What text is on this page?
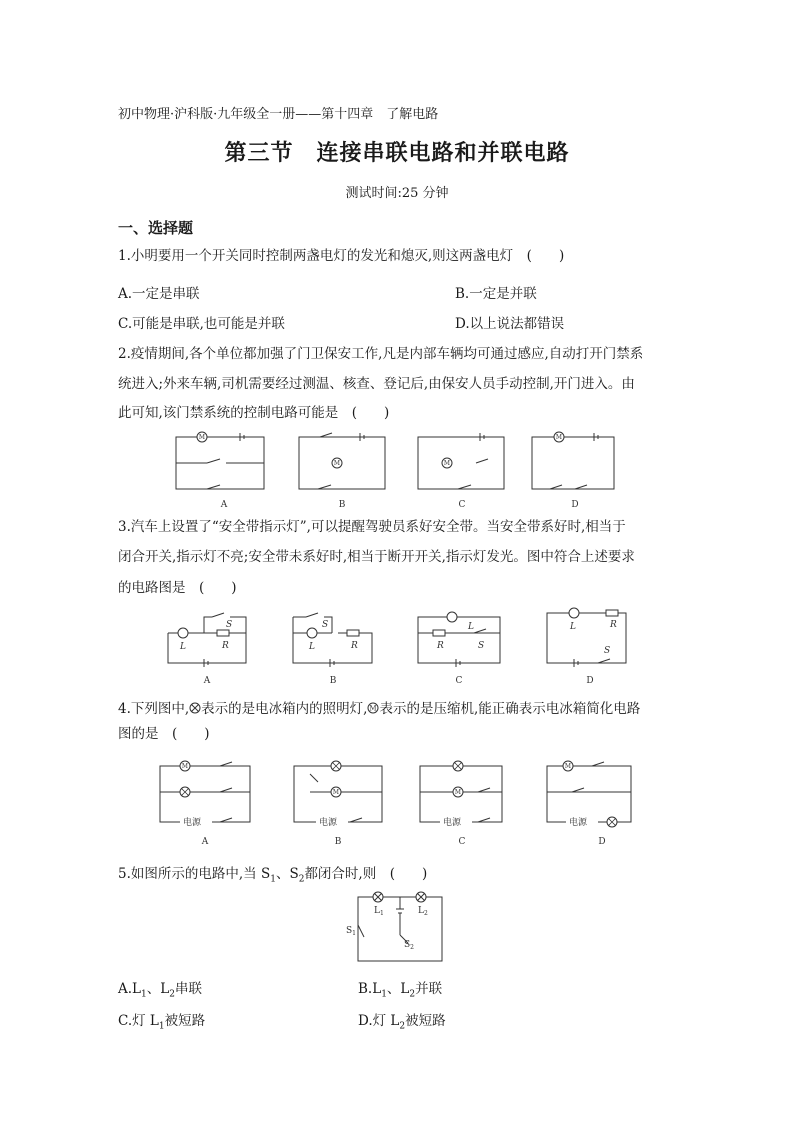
初中物理·沪科版·九年级全一册——第十四章　了解电路
第三节　连接串联电路和并联电路
测试时间:25 分钟
一、选择题
1.小明要用一个开关同时控制两盏电灯的发光和熄灭,则这两盏电灯　(　　)
A.一定是串联	B.一定是并联
C.可能是串联,也可能是并联	D.以上说法都错误
2.疫情期间,各个单位都加强了门卫保安工作,凡是内部车辆均可通过感应,自动打开门禁系
统进入;外来车辆,司机需要经过测温、核查、登记后,由保安人员手动控制,开门进入。由
此可知,该门禁系统的控制电路可能是　(　　)
M
M	M
M
A	B	C	D
3.汽车上设置了“安全带指示灯”,可以提醒驾驶员系好安全带。当安全带系好时,相当于
闭合开关,指示灯不亮;安全带未系好时,相当于断开开关,指示灯发光。图中符合上述要求
的电路图是　(　　)
L	R
S
L	R
S	L
R	S
L	R
S
A	B	C	D
4.下列图中, 表示的是电冰箱内的照明灯, M 表示的是压缩机,能正确表示电冰箱简化电路
图的是　(　　)
M
M	M
M
电源	电源	电源	电源
A	B	C	D
5.如图所示的电路中,当 $S_1$、$S_2$都闭合时,则　(　　)
$L_1$	$L_2$
$S_1$
$S_2$
$A.L_1$、$L_2$串联	$B.L_1$、$L_2$并联
C.灯 $L_1$被短路	D.灯 $L_2$被短路
